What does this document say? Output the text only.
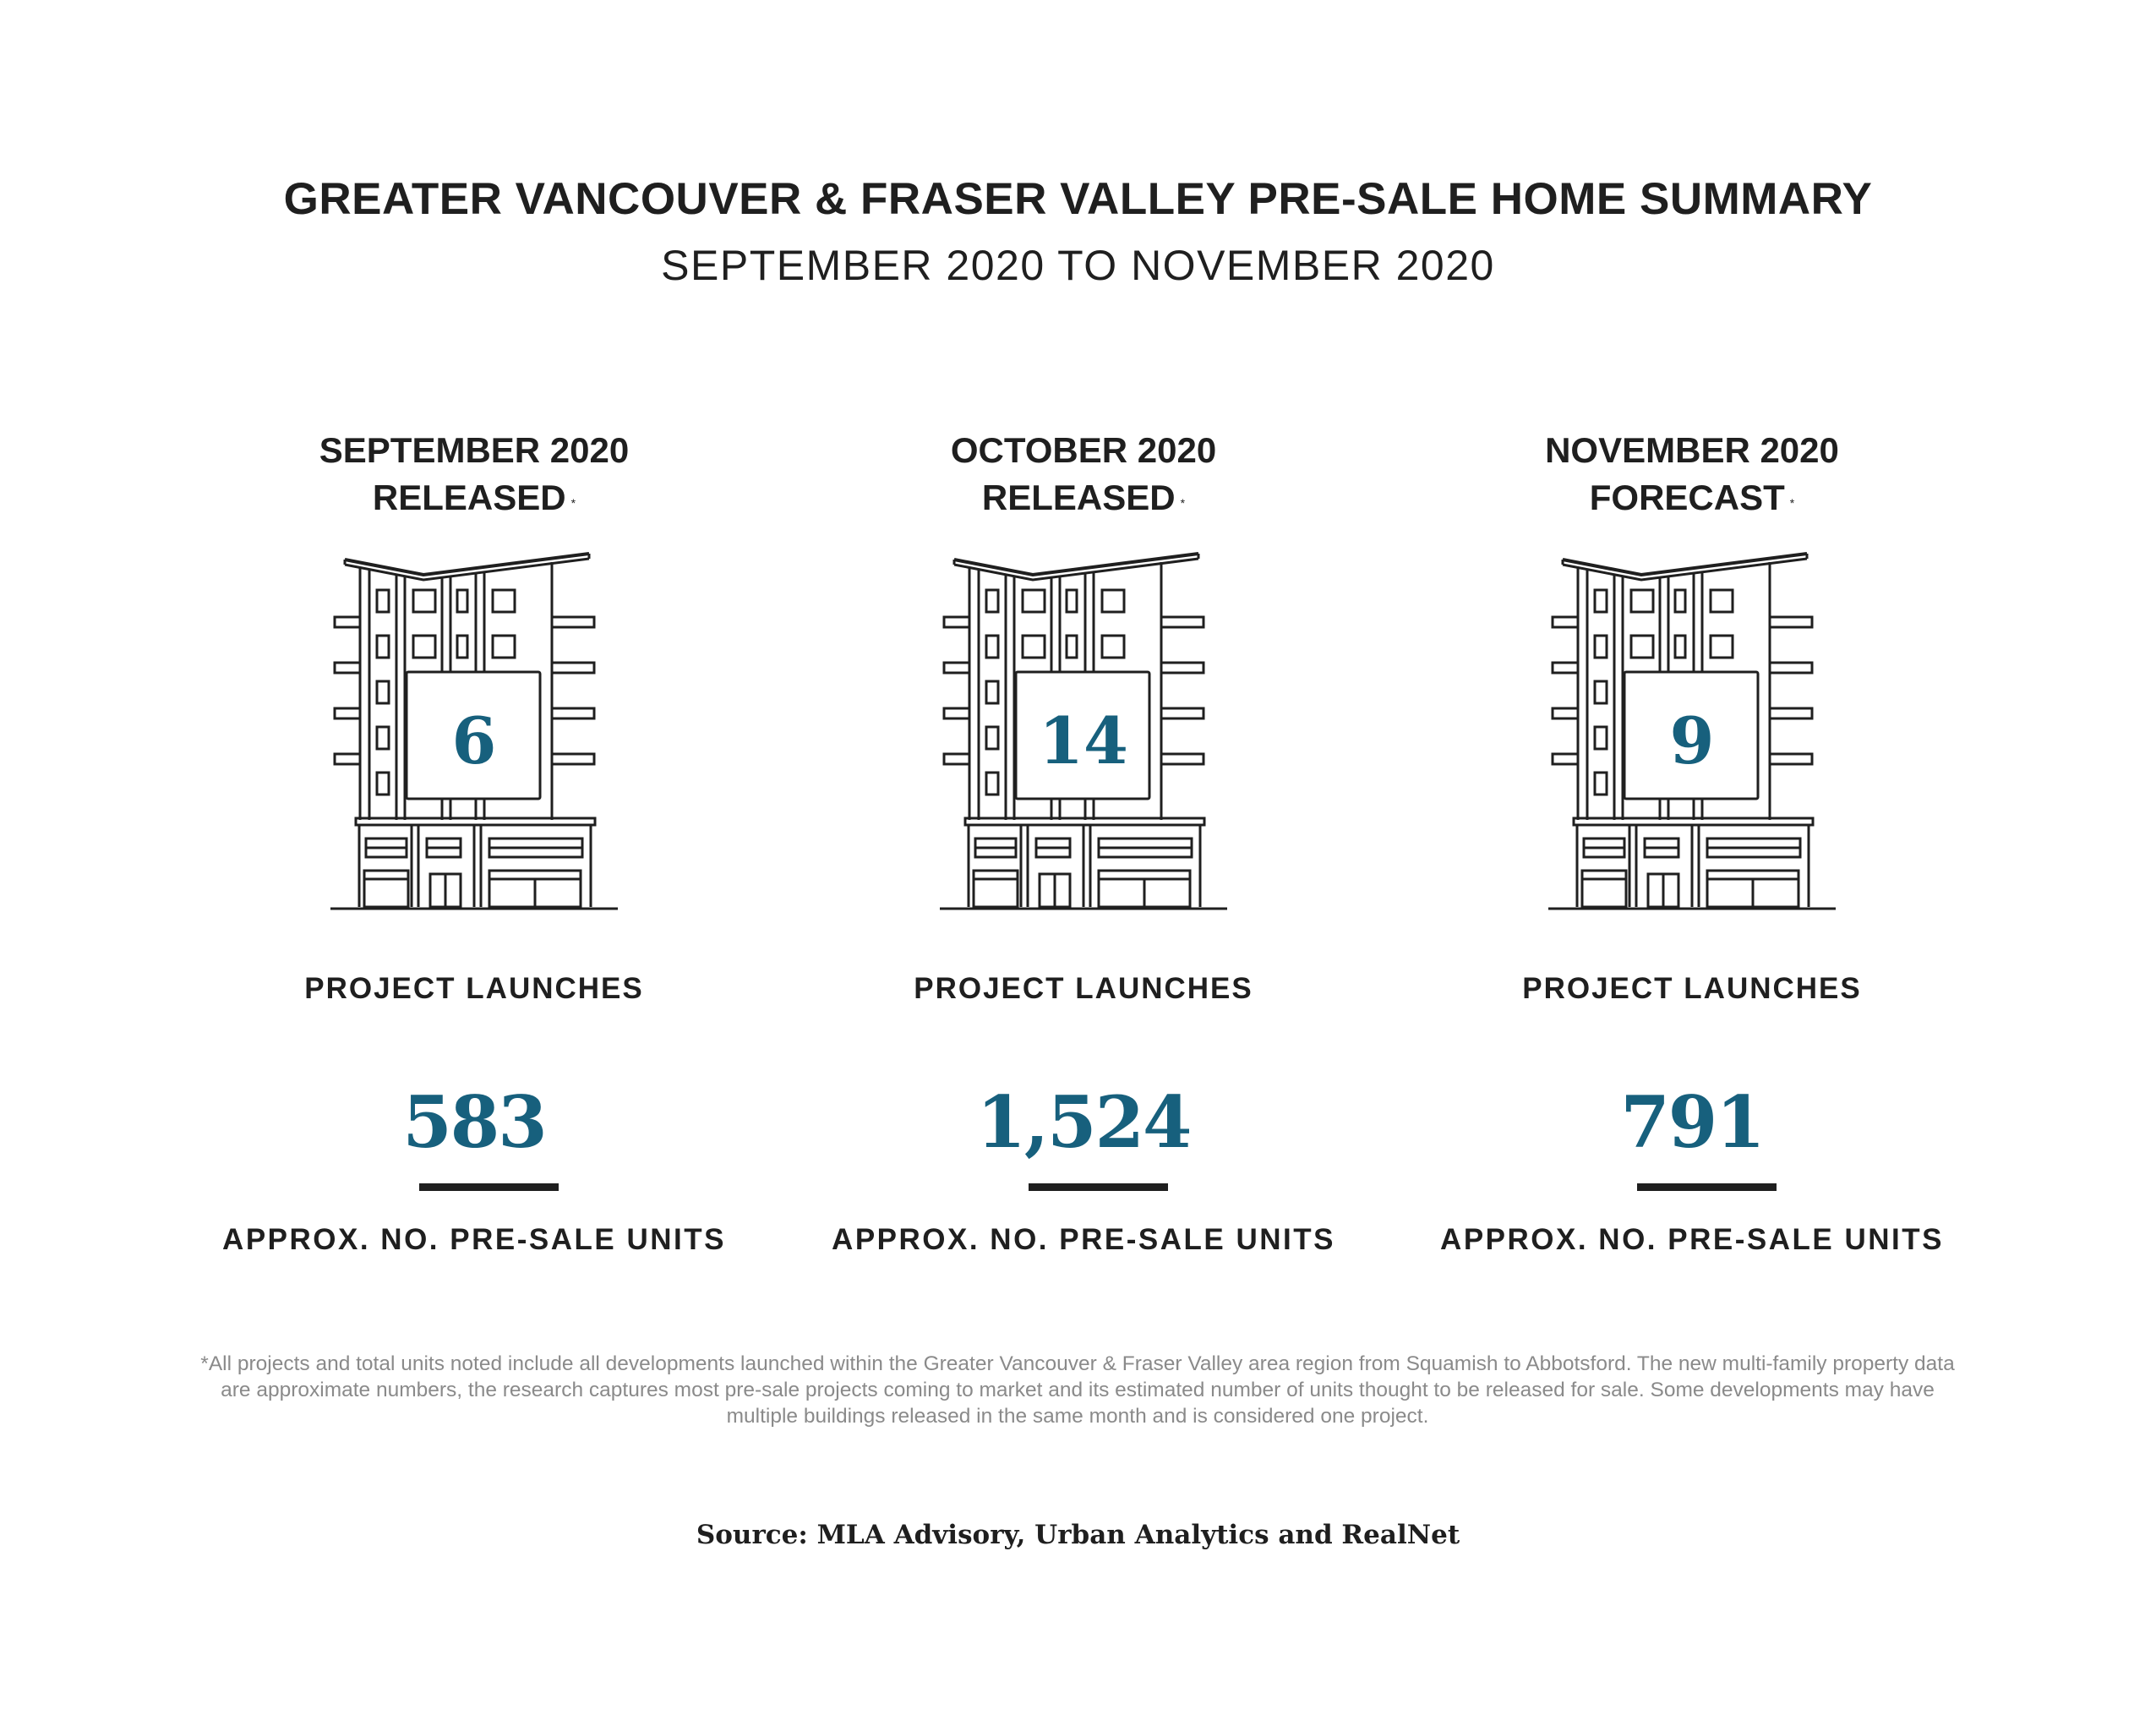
GREATER VANCOUVER & FRASER VALLEY PRE-SALE HOME SUMMARY
SEPTEMBER 2020 TO NOVEMBER 2020
SEPTEMBER 2020
RELEASED *
6
PROJECT LAUNCHES
583
APPROX. NO. PRE-SALE UNITS
OCTOBER 2020
RELEASED *
14
PROJECT LAUNCHES
1,524
APPROX. NO. PRE-SALE UNITS
NOVEMBER 2020
FORECAST *
9
PROJECT LAUNCHES
791
APPROX. NO. PRE-SALE UNITS
*All projects and total units noted include all developments launched within the Greater Vancouver & Fraser Valley area region from Squamish to Abbotsford. The new multi-family property data are approximate numbers, the research captures most pre-sale projects coming to market and its estimated number of units thought to be released for sale. Some developments may have multiple buildings released in the same month and is considered one project.
Source: MLA Advisory, Urban Analytics and RealNet
